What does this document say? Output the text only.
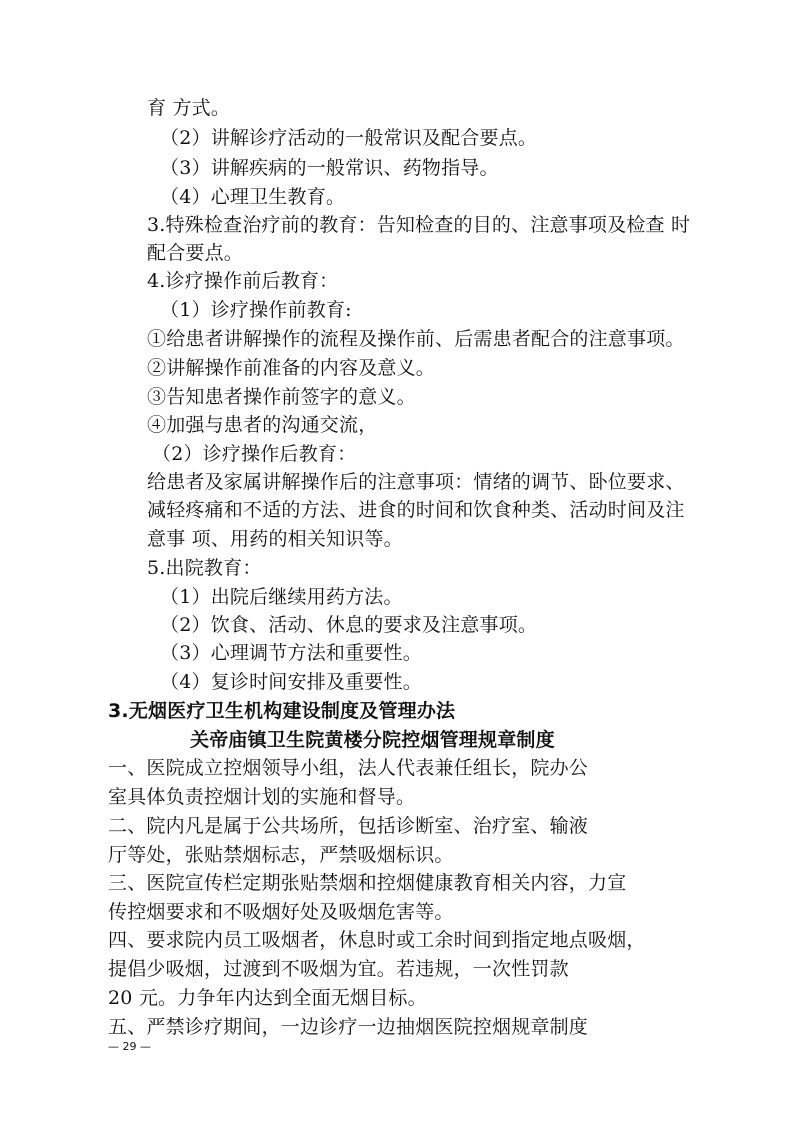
育 方式。
（2）讲解诊疗活动的一般常识及配合要点。
（3）讲解疾病的一般常识、药物指导。
（4）心理卫生教育。
3.特殊检查治疗前的教育：告知检查的目的、注意事项及检查 时
配合要点。
4.诊疗操作前后教育：
（1）诊疗操作前教育:
①给患者讲解操作的流程及操作前、后需患者配合的注意事项。
②讲解操作前准备的内容及意义。
③告知患者操作前签字的意义。
④加强与患者的沟通交流，
（2）诊疗操作后教育：
给患者及家属讲解操作后的注意事项：情绪的调节、卧位要求、
减轻疼痛和不适的方法、进食的时间和饮食种类、活动时间及注
意事 项、用药的相关知识等。
5.出院教育：
（1）出院后继续用药方法。
（2）饮食、活动、休息的要求及注意事项。
（3）心理调节方法和重要性。
（4）复诊时间安排及重要性。
3.无烟医疗卫生机构建设制度及管理办法
关帝庙镇卫生院黄楼分院控烟管理规章制度
一、医院成立控烟领导小组，法人代表兼任组长，院办公
室具体负责控烟计划的实施和督导。
二、院内凡是属于公共场所，包括诊断室、治疗室、输液
厅等处，张贴禁烟标志，严禁吸烟标识。
三、医院宣传栏定期张贴禁烟和控烟健康教育相关内容，力宣
传控烟要求和不吸烟好处及吸烟危害等。
四、要求院内员工吸烟者，休息时或工余时间到指定地点吸烟，
提倡少吸烟，过渡到不吸烟为宜。若违规，一次性罚款
20 元。力争年内达到全面无烟目标。
五、严禁诊疗期间，一边诊疗一边抽烟医院控烟规章制度
— 29 —
